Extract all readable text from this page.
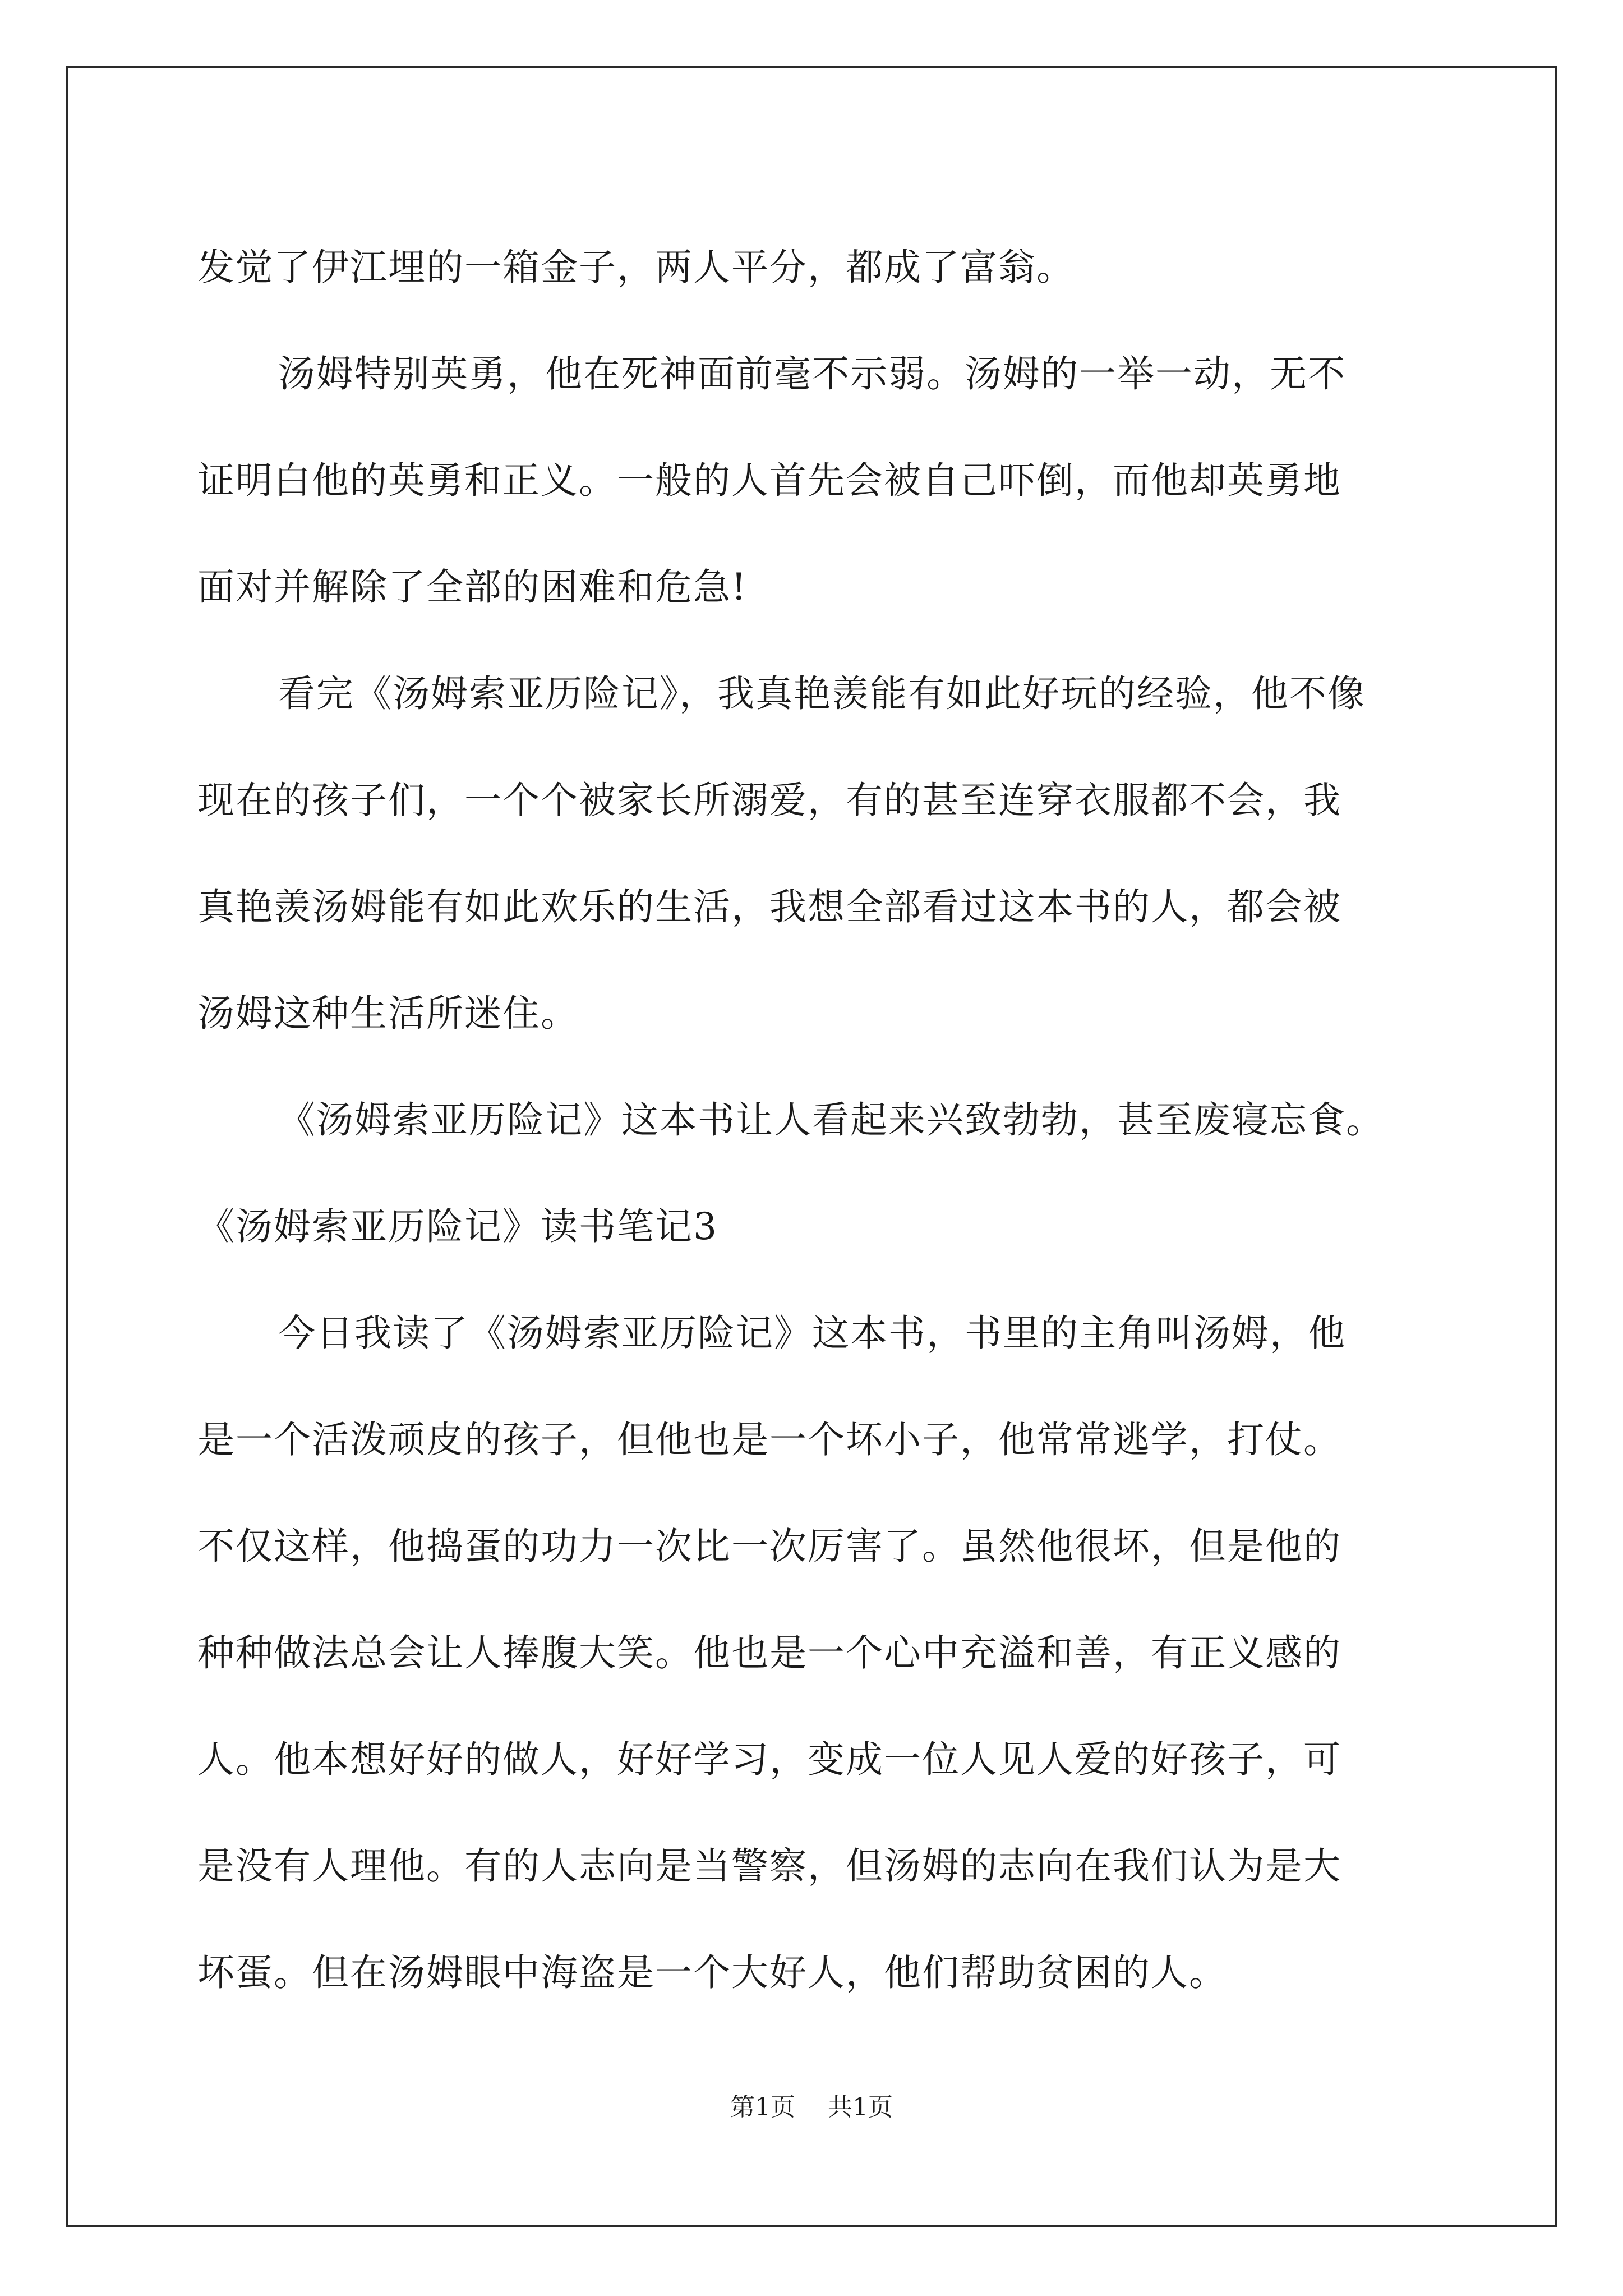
发觉了伊江埋的一箱金子，两人平分，都成了富翁。
汤姆特别英勇，他在死神面前毫不示弱。汤姆的一举一动，无不
证明白他的英勇和正义。一般的人首先会被自己吓倒，而他却英勇地
面对并解除了全部的困难和危急!
看完《汤姆索亚历险记》，我真艳羡能有如此好玩的经验，他不像
现在的孩子们，一个个被家长所溺爱，有的甚至连穿衣服都不会，我
真艳羡汤姆能有如此欢乐的生活，我想全部看过这本书的人，都会被
汤姆这种生活所迷住。
《汤姆索亚历险记》这本书让人看起来兴致勃勃，甚至废寝忘食。
《汤姆索亚历险记》读书笔记3
今日我读了《汤姆索亚历险记》这本书，书里的主角叫汤姆，他
是一个活泼顽皮的孩子，但他也是一个坏小子，他常常逃学，打仗。
不仅这样，他捣蛋的功力一次比一次厉害了。虽然他很坏，但是他的
种种做法总会让人捧腹大笑。他也是一个心中充溢和善，有正义感的
人。他本想好好的做人，好好学习，变成一位人见人爱的好孩子，可
是没有人理他。有的人志向是当警察，但汤姆的志向在我们认为是大
坏蛋。但在汤姆眼中海盗是一个大好人，他们帮助贫困的人。
第1页 共1页
